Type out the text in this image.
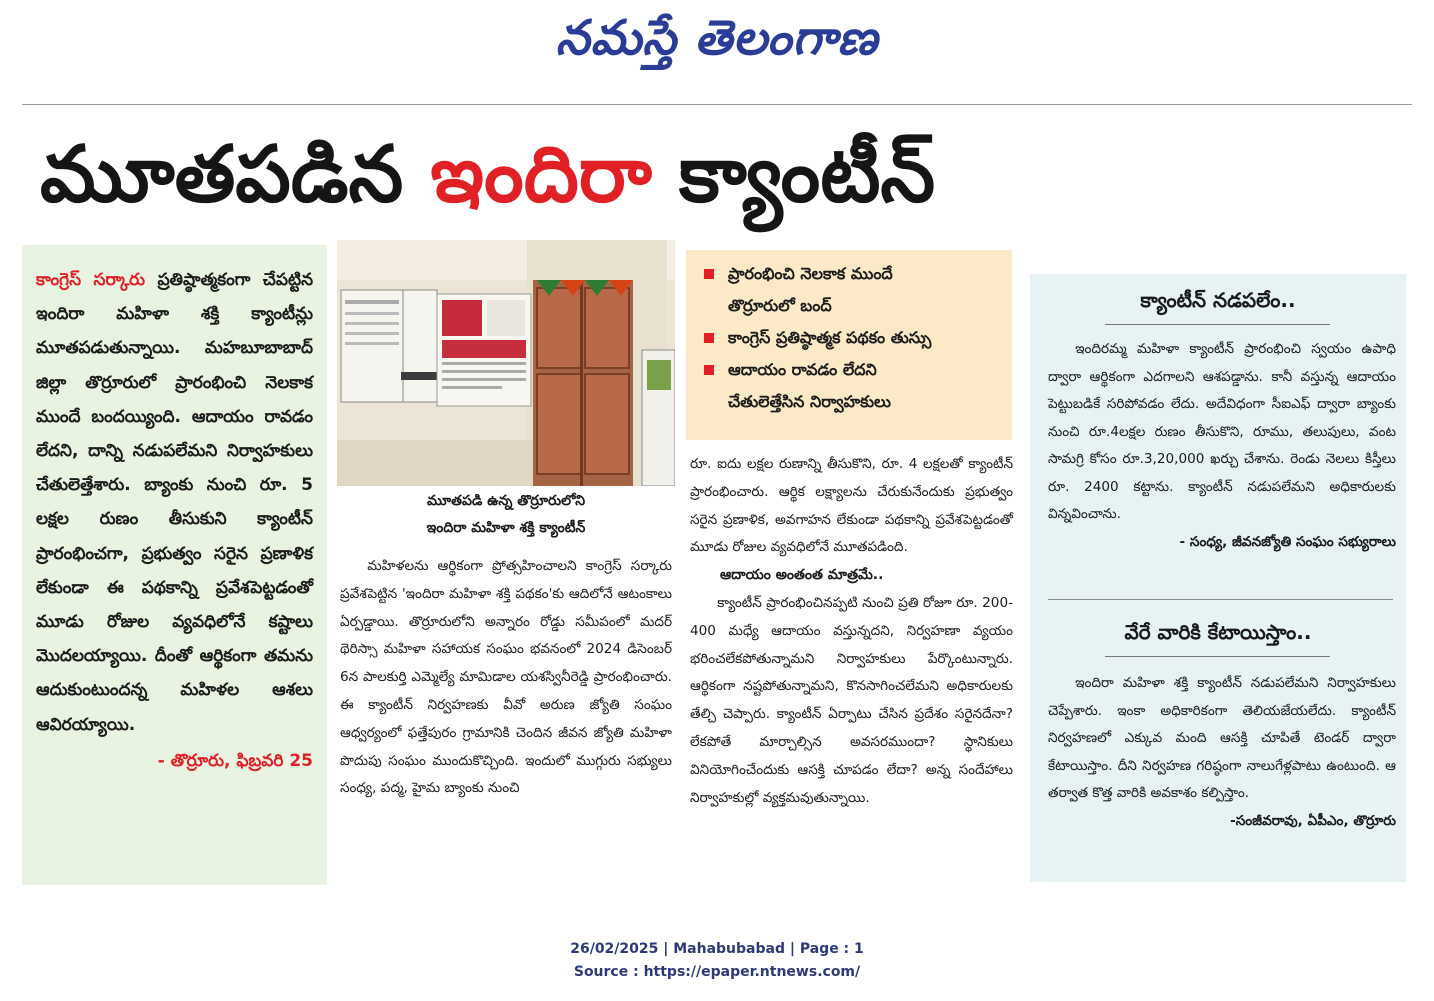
నమస్తే తెలంగాణ
మూతపడిన ఇందిరా క్యాంటీన్

కాంగ్రెస్ సర్కారు ప్రతిష్ఠాత్మకంగా చేపట్టిన ఇందిరా మహిళా శక్తి క్యాంటీన్లు మూతపడుతున్నాయి. మహబూబాబాద్ జిల్లా తొర్రూరులో ప్రారంభించి నెలకాక ముందే బందయ్యింది. ఆదాయం రావడం లేదని, దాన్ని నడుపలేమని నిర్వాహకులు చేతులెత్తేశారు. బ్యాంకు నుంచి రూ. 5 లక్షల రుణం తీసుకుని క్యాంటీన్ ప్రారంభించగా, ప్రభుత్వం సరైన ప్రణాళిక లేకుండా ఈ పథకాన్ని ప్రవేశపెట్టడంతో మూడు రోజుల వ్యవధిలోనే కష్టాలు మొదలయ్యాయి. దీంతో ఆర్థికంగా తమను ఆదుకుంటుందన్న మహిళల ఆశలు ఆవిరయ్యాయి.

- తొర్రూరు, ఫిబ్రవరి 25

మూతపడి ఉన్న తొర్రూరులోని
ఇందిరా మహిళా శక్తి క్యాంటీన్

మహిళలను ఆర్థికంగా ప్రోత్సహించాలని కాంగ్రెస్ సర్కారు ప్రవేశపెట్టిన 'ఇందిరా మహిళా శక్తి పథకం'కు ఆదిలోనే ఆటంకాలు ఏర్పడ్డాయి. తొర్రూరులోని అన్నారం రోడ్డు సమీపంలో మదర్ థెరిస్సా మహిళా సహాయక సంఘం భవనంలో 2024 డిసెంబర్ 6న పాలకుర్తి ఎమ్మెల్యే మామిడాల యశస్వినీరెడ్డి ప్రారంభించారు. ఈ క్యాంటీన్ నిర్వహణకు వీవో అరుణ జ్యోతి సంఘం ఆధ్వర్యంలో ఫత్తేపురం గ్రామానికి చెందిన జీవన జ్యోతి మహిళా పొదుపు సంఘం ముందుకొచ్చింది. ఇందులో ముగ్గురు సభ్యులు సంధ్య, పద్మ, హైమ బ్యాంకు నుంచి

ప్రారంభించి నెలకాక ముందే
తొర్రూరులో బంద్
కాంగ్రెస్ ప్రతిష్ఠాత్మక పథకం తుస్సు
ఆదాయం రావడం లేదని
చేతులెత్తేసిన నిర్వాహకులు

రూ. ఐదు లక్షల రుణాన్ని తీసుకొని, రూ. 4 లక్షలతో క్యాంటీన్ ప్రారంభించారు. ఆర్థిక లక్ష్యాలను చేరుకునేందుకు ప్రభుత్వం సరైన ప్రణాళిక, అవగాహన లేకుండా పథకాన్ని ప్రవేశపెట్టడంతో మూడు రోజుల వ్యవధిలోనే మూతపడింది.

ఆదాయం అంతంత మాత్రమే..

క్యాంటీన్ ప్రారంభించినప్పటి నుంచి ప్రతి రోజూ రూ. 200-400 మధ్యే ఆదాయం వస్తున్నదని, నిర్వహణా వ్యయం భరించలేకపోతున్నామని నిర్వాహకులు పేర్కొంటున్నారు. ఆర్థికంగా నష్టపోతున్నామని, కొనసాగించలేమని అధికారులకు తేల్చి చెప్పారు. క్యాంటీన్ ఏర్పాటు చేసిన ప్రదేశం సరైనదేనా? లేకపోతే మార్చాల్సిన అవసరముందా? స్థానికులు వినియోగించేందుకు ఆసక్తి చూపడం లేదా? అన్న సందేహాలు నిర్వాహకుల్లో వ్యక్తమవుతున్నాయి.

క్యాంటీన్ నడపలేం..

ఇందిరమ్మ మహిళా క్యాంటీన్ ప్రారంభించి స్వయం ఉపాధి ద్వారా ఆర్థికంగా ఎదగాలని ఆశపడ్డాను. కానీ వస్తున్న ఆదాయం పెట్టుబడికే సరిపోవడం లేదు. అదేవిధంగా సీఐఎఫ్ ద్వారా బ్యాంకు నుంచి రూ.4లక్షల రుణం తీసుకొని, రూము, తలుపులు, వంట సామగ్రి కోసం రూ.3,20,000 ఖర్చు చేశాను. రెండు నెలలు కిస్తీలు రూ. 2400 కట్టాను. క్యాంటీన్ నడుపలేమని అధికారులకు విన్నవించాను.

- సంధ్య, జీవనజ్యోతి సంఘం సభ్యురాలు

వేరే వారికి కేటాయిస్తాం..

ఇందిరా మహిళా శక్తి క్యాంటీన్ నడుపలేమని నిర్వాహకులు చెప్పేశారు. ఇంకా అధికారికంగా తెలియజేయలేదు. క్యాంటీన్ నిర్వహణలో ఎక్కువ మంది ఆసక్తి చూపితే టెండర్ ద్వారా కేటాయిస్తాం. దీని నిర్వహణ గరిష్ఠంగా నాలుగేళ్లపాటు ఉంటుంది. ఆ తర్వాత కొత్త వారికి అవకాశం కల్పిస్తాం.

-సంజీవరావు, ఏపీఎం, తొర్రూరు

26/02/2025 | Mahabubabad | Page : 1
Source : https://epaper.ntnews.com/
